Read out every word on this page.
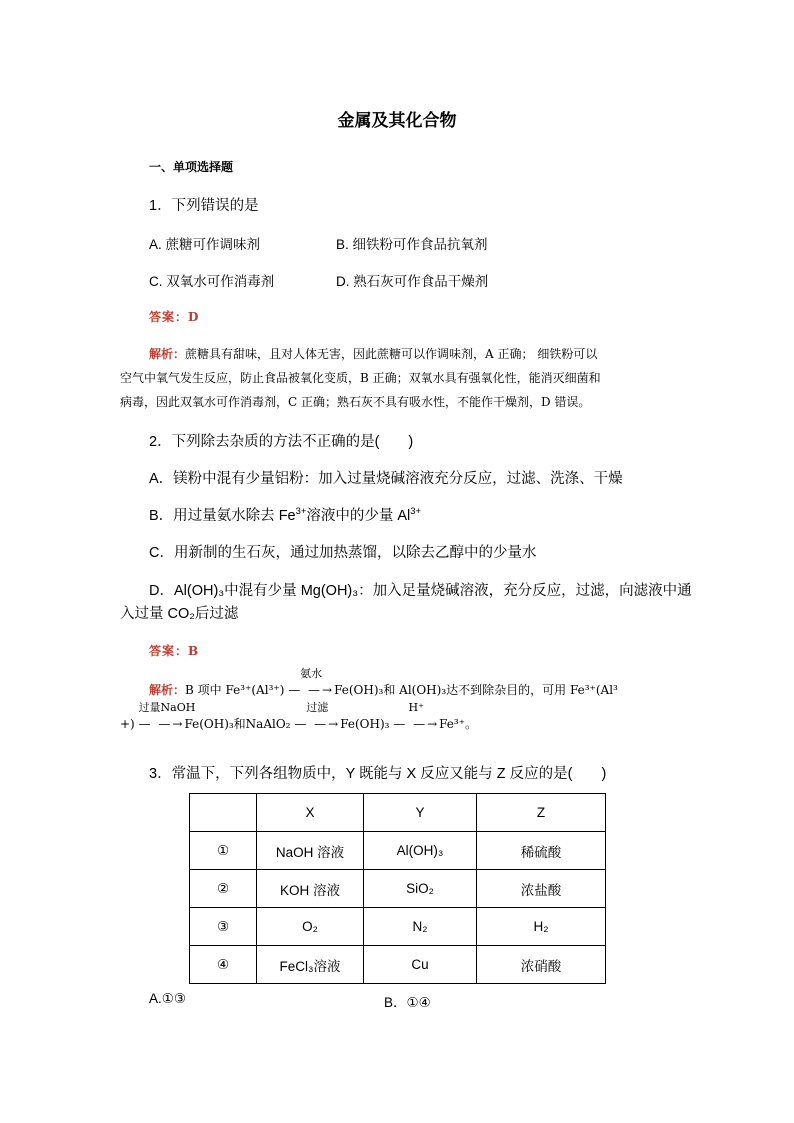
金属及其化合物
一、单项选择题
1．下列错误的是
A. 蔗糖可作调味剂	B. 细铁粉可作食品抗氧剂
C. 双氧水可作消毒剂	D. 熟石灰可作食品干燥剂
答案：D
解析：蔗糖具有甜味，且对人体无害，因此蔗糖可以作调味剂，A 正确； 细铁粉可以
空气中氧气发生反应，防止食品被氧化变质，B 正确；双氧水具有强氧化性，能消灭细菌和
病毒，因此双氧水可作消毒剂，C 正确；熟石灰不具有吸水性，不能作干燥剂，D 错误。
2．下列除去杂质的方法不正确的是(　　)
A．镁粉中混有少量铝粉：加入过量烧碱溶液充分反应，过滤、洗涤、干燥
B．用过量氨水除去 $Fe^{3+}$溶液中的少量 $Al^{3+}$
C．用新制的生石灰，通过加热蒸馏，以除去乙醇中的少量水
D．Al(OH)₃中混有少量 Mg(OH)₃：加入足量烧碱溶液，充分反应，过滤，向滤液中通
入过量 CO₂后过滤
答案：B
解析：B 项中 Fe³⁺(Al³⁺)
氨水
— —→Fe(OH)₃和 Al(OH)₃达不到除杂目的，可用 Fe³⁺(Al³
+)
过量NaOH
— —→Fe(OH)₃和NaAlO₂
过滤
— —→Fe(OH)₃
H⁺
— —→Fe³⁺。
3．常温下，下列各组物质中，Y 既能与 X 反应又能与 Z 反应的是(　　)
	X	Y	Z
①	NaOH 溶液	Al(OH)₃	稀硫酸
②	KOH 溶液	SiO₂	浓盐酸
③	O₂	N₂	H₂
④	FeCl₃溶液	Cu	浓硝酸
A.①③	B．①④
